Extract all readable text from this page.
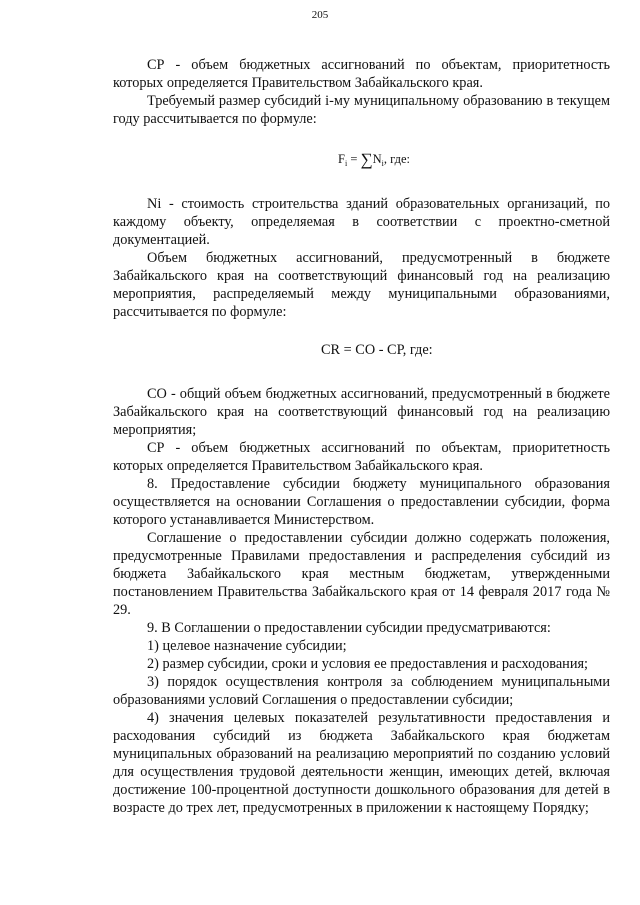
205

СР - объем бюджетных ассигнований по объектам, приоритетность которых определяется Правительством Забайкальского края.

Требуемый размер субсидий i-му муниципальному образованию в текущем году рассчитывается по формуле:

$F_i = \sum N_i$, где:

Ni - стоимость строительства зданий образовательных организаций, по каждому объекту, определяемая в соответствии с проектно-сметной документацией.

Объем бюджетных ассигнований, предусмотренный в бюджете Забайкальского края на соответствующий финансовый год на реализацию мероприятия, распределяемый между муниципальными образованиями, рассчитывается по формуле:

CR = СО - СР, где:

СО - общий объем бюджетных ассигнований, предусмотренный в бюджете Забайкальского края на соответствующий финансовый год на реализацию мероприятия;

СР - объем бюджетных ассигнований по объектам, приоритетность которых определяется Правительством Забайкальского края.

8. Предоставление субсидии бюджету муниципального образования осуществляется на основании Соглашения о предоставлении субсидии, форма которого устанавливается Министерством.

Соглашение о предоставлении субсидии должно содержать положения, предусмотренные Правилами предоставления и распределения субсидий из бюджета Забайкальского края местным бюджетам, утвержденными постановлением Правительства Забайкальского края от 14 февраля 2017 года № 29.

9. В Соглашении о предоставлении субсидии предусматриваются:

1) целевое назначение субсидии;

2) размер субсидии, сроки и условия ее предоставления и расходования;

3) порядок осуществления контроля за соблюдением муниципальными образованиями условий Соглашения о предоставлении субсидии;

4) значения целевых показателей результативности предоставления и расходования субсидий из бюджета Забайкальского края бюджетам муниципальных образований на реализацию мероприятий по созданию условий для осуществления трудовой деятельности женщин, имеющих детей, включая достижение 100-процентной доступности дошкольного образования для детей в возрасте до трех лет, предусмотренных в приложении к настоящему Порядку;
